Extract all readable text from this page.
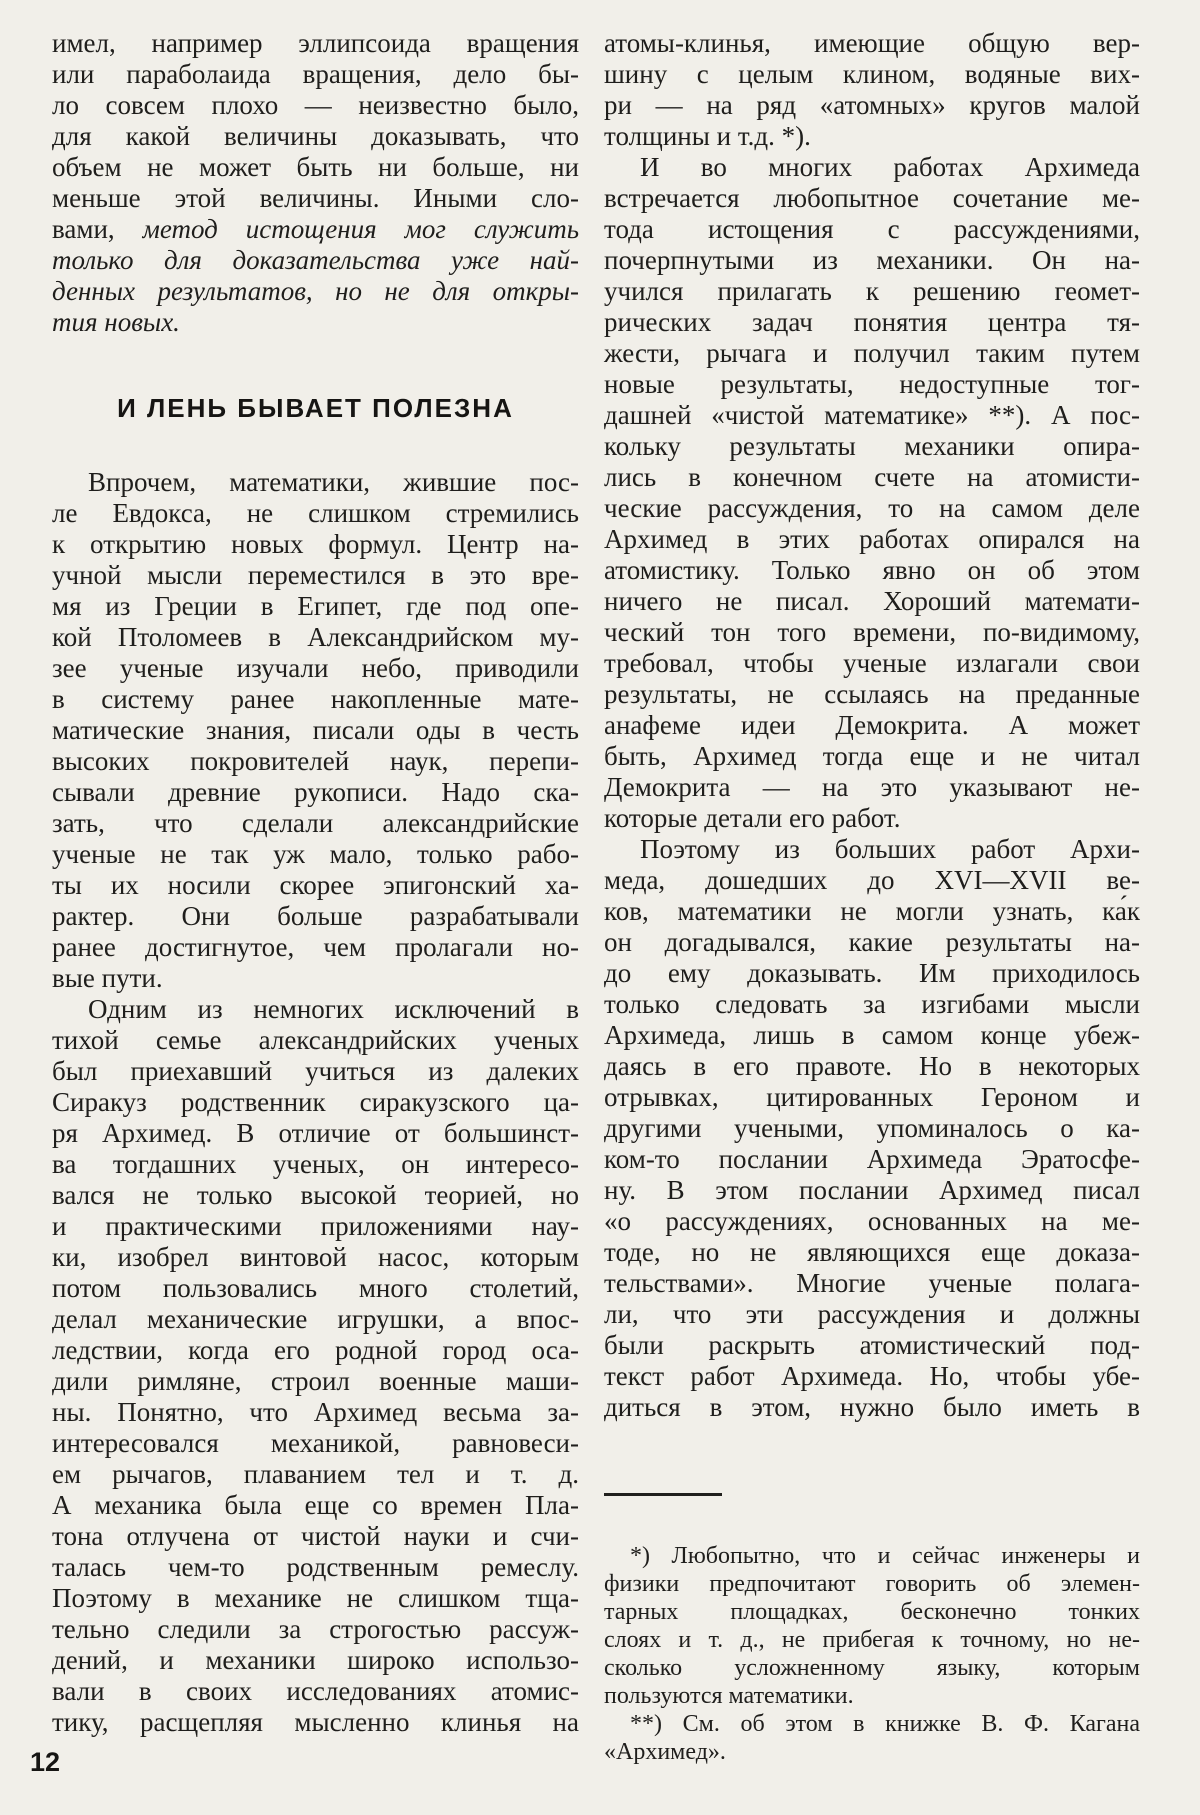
имел, например эллипсоида вращения
или параболаида вращения, дело бы-
ло совсем плохо — неизвестно было,
для какой величины доказывать, что
объем не может быть ни больше, ни
меньше этой величины. Иными сло-
вами, метод истощения мог служить
только для доказательства уже най-
денных результатов, но не для откры-
тия новых.
И ЛЕНЬ БЫВАЕТ ПОЛЕЗНА
Впрочем, математики, жившие пос-
ле Евдокса, не слишком стремились
к открытию новых формул. Центр на-
учной мысли переместился в это вре-
мя из Греции в Египет, где под опе-
кой Птоломеев в Александрийском му-
зее ученые изучали небо, приводили
в систему ранее накопленные мате-
матические знания, писали оды в честь
высоких покровителей наук, перепи-
сывали древние рукописи. Надо ска-
зать, что сделали александрийские
ученые не так уж мало, только рабо-
ты их носили скорее эпигонский ха-
рактер. Они больше разрабатывали
ранее достигнутое, чем пролагали но-
вые пути.
Одним из немногих исключений в
тихой семье александрийских ученых
был приехавший учиться из далеких
Сиракуз родственник сиракузского ца-
ря Архимед. В отличие от большинст-
ва тогдашних ученых, он интересо-
вался не только высокой теорией, но
и практическими приложениями нау-
ки, изобрел винтовой насос, которым
потом пользовались много столетий,
делал механические игрушки, а впос-
ледствии, когда его родной город оса-
дили римляне, строил военные маши-
ны. Понятно, что Архимед весьма за-
интересовался механикой, равновеси-
ем рычагов, плаванием тел и т. д.
А механика была еще со времен Пла-
тона отлучена от чистой науки и счи-
талась чем-то родственным ремеслу.
Поэтому в механике не слишком тща-
тельно следили за строгостью рассуж-
дений, и механики широко использо-
вали в своих исследованиях атомис-
тику, расщепляя мысленно клинья на
атомы-клинья, имеющие общую вер-
шину с целым клином, водяные вих-
ри — на ряд «атомных» кругов малой
толщины и т.д. *).
И во многих работах Архимеда
встречается любопытное сочетание ме-
тода истощения с рассуждениями,
почерпнутыми из механики. Он на-
учился прилагать к решению геомет-
рических задач понятия центра тя-
жести, рычага и получил таким путем
новые результаты, недоступные тог-
дашней «чистой математике» **). А пос-
кольку результаты механики опира-
лись в конечном счете на атомисти-
ческие рассуждения, то на самом деле
Архимед в этих работах опирался на
атомистику. Только явно он об этом
ничего не писал. Хороший математи-
ческий тон того времени, по-видимому,
требовал, чтобы ученые излагали свои
результаты, не ссылаясь на преданные
анафеме идеи Демокрита. А может
быть, Архимед тогда еще и не читал
Демокрита — на это указывают не-
которые детали его работ.
Поэтому из больших работ Архи-
меда, дошедших до XVI—XVII ве-
ков, математики не могли узнать, ка́к
он догадывался, какие результаты на-
до ему доказывать. Им приходилось
только следовать за изгибами мысли
Архимеда, лишь в самом конце убеж-
даясь в его правоте. Но в некоторых
отрывках, цитированных Героном и
другими учеными, упоминалось о ка-
ком-то послании Архимеда Эратосфе-
ну. В этом послании Архимед писал
«о рассуждениях, основанных на ме-
тоде, но не являющихся еще доказа-
тельствами». Многие ученые полага-
ли, что эти рассуждения и должны
были раскрыть атомистический под-
текст работ Архимеда. Но, чтобы убе-
диться в этом, нужно было иметь в
*) Любопытно, что и сейчас инженеры и
физики предпочитают говорить об элемен-
тарных площадках, бесконечно тонких
слоях и т. д., не прибегая к точному, но не-
сколько усложненному языку, которым
пользуются математики.
**) См. об этом в книжке В. Ф. Кагана
«Архимед».
12
